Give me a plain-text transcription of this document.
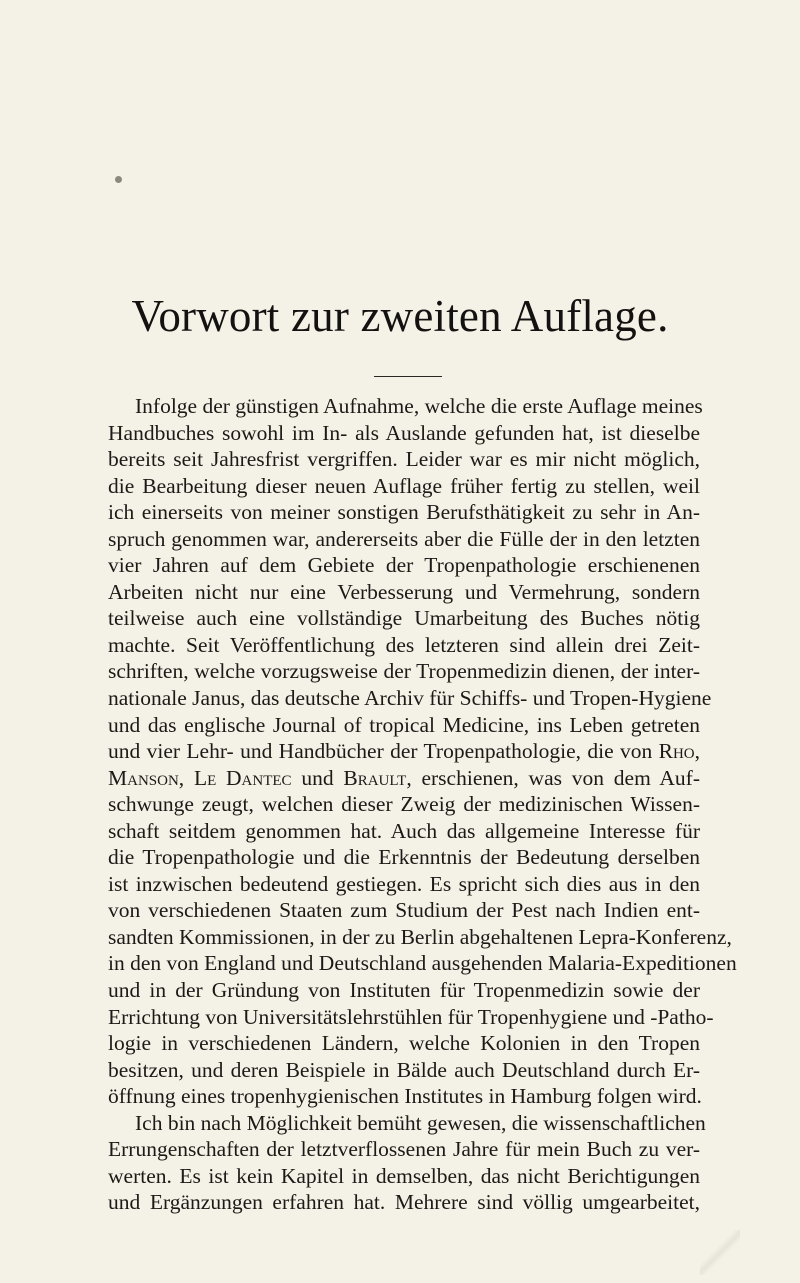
Vorwort zur zweiten Auflage.
Infolge der günstigen Aufnahme, welche die erste Auflage meines
Handbuches sowohl im In- als Auslande gefunden hat, ist dieselbe
bereits seit Jahresfrist vergriffen. Leider war es mir nicht möglich,
die Bearbeitung dieser neuen Auflage früher fertig zu stellen, weil
ich einerseits von meiner sonstigen Berufsthätigkeit zu sehr in An-
spruch genommen war, andererseits aber die Fülle der in den letzten
vier Jahren auf dem Gebiete der Tropenpathologie erschienenen
Arbeiten nicht nur eine Verbesserung und Vermehrung, sondern
teilweise auch eine vollständige Umarbeitung des Buches nötig
machte. Seit Veröffentlichung des letzteren sind allein drei Zeit-
schriften, welche vorzugsweise der Tropenmedizin dienen, der inter-
nationale Janus, das deutsche Archiv für Schiffs- und Tropen-Hygiene
und das englische Journal of tropical Medicine, ins Leben getreten
und vier Lehr- und Handbücher der Tropenpathologie, die von Rho,
Manson, Le Dantec und Brault, erschienen, was von dem Auf-
schwunge zeugt, welchen dieser Zweig der medizinischen Wissen-
schaft seitdem genommen hat. Auch das allgemeine Interesse für
die Tropenpathologie und die Erkenntnis der Bedeutung derselben
ist inzwischen bedeutend gestiegen. Es spricht sich dies aus in den
von verschiedenen Staaten zum Studium der Pest nach Indien ent-
sandten Kommissionen, in der zu Berlin abgehaltenen Lepra-Konferenz,
in den von England und Deutschland ausgehenden Malaria-Expeditionen
und in der Gründung von Instituten für Tropenmedizin sowie der
Errichtung von Universitätslehrstühlen für Tropenhygiene und -Patho-
logie in verschiedenen Ländern, welche Kolonien in den Tropen
besitzen, und deren Beispiele in Bälde auch Deutschland durch Er-
öffnung eines tropenhygienischen Institutes in Hamburg folgen wird.
Ich bin nach Möglichkeit bemüht gewesen, die wissenschaftlichen
Errungenschaften der letztverflossenen Jahre für mein Buch zu ver-
werten. Es ist kein Kapitel in demselben, das nicht Berichtigungen
und Ergänzungen erfahren hat. Mehrere sind völlig umgearbeitet,
